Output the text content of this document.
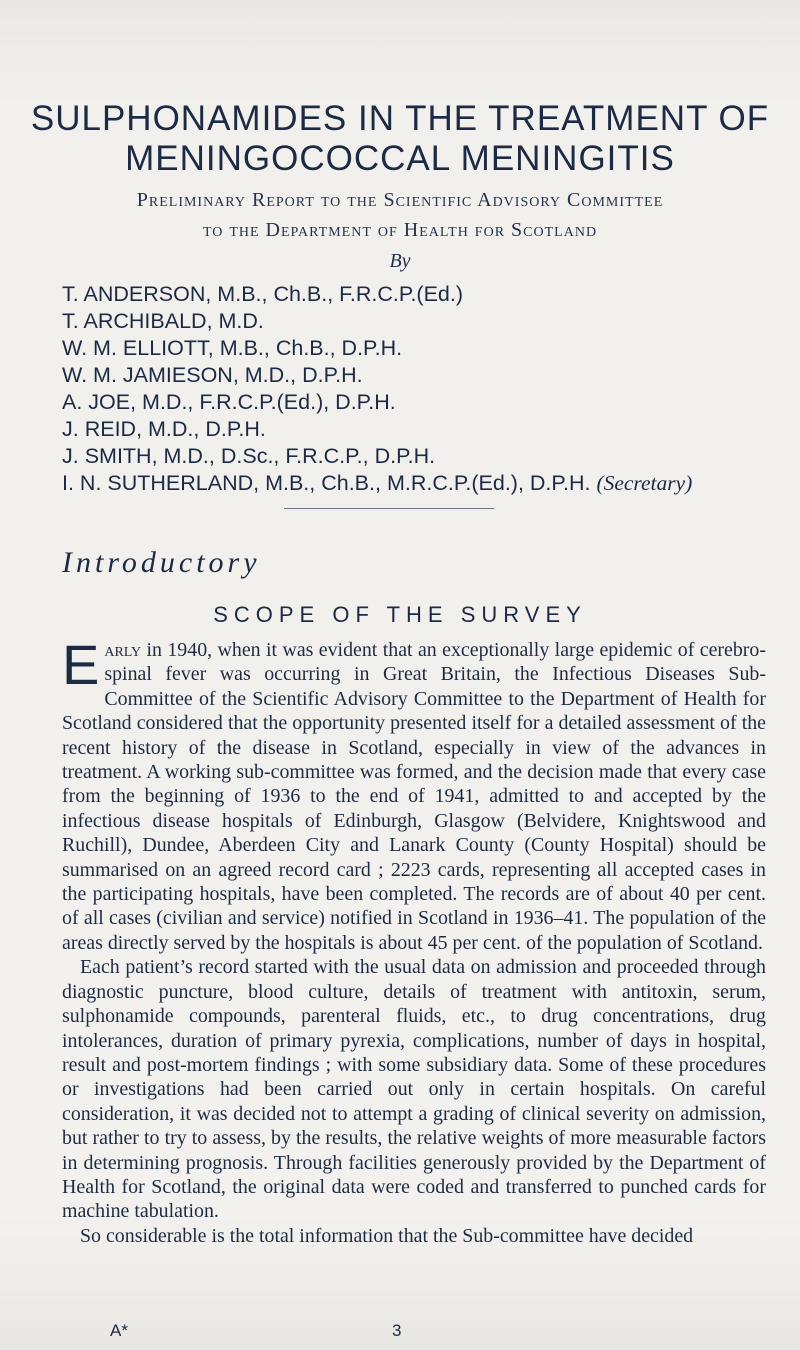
SULPHONAMIDES IN THE TREATMENT OF
MENINGOCOCCAL MENINGITIS
Preliminary Report to the Scientific Advisory Committee
to the Department of Health for Scotland
By
T. ANDERSON, M.B., Ch.B., F.R.C.P.(Ed.)
T. ARCHIBALD, M.D.
W. M. ELLIOTT, M.B., Ch.B., D.P.H.
W. M. JAMIESON, M.D., D.P.H.
A. JOE, M.D., F.R.C.P.(Ed.), D.P.H.
J. REID, M.D., D.P.H.
J. SMITH, M.D., D.Sc., F.R.C.P., D.P.H.
I. N. SUTHERLAND, M.B., Ch.B., M.R.C.P.(Ed.), D.P.H. (Secretary)
Introductory
SCOPE OF THE SURVEY

Early in 1940, when it was evident that an exceptionally large epidemic of cerebro-spinal fever was occurring in Great Britain, the Infectious Diseases Sub-Committee of the Scientific Advisory Committee to the Department of Health for Scotland considered that the opportunity presented itself for a detailed assessment of the recent history of the disease in Scotland, especially in view of the advances in treatment. A working sub-committee was formed, and the decision made that every case from the beginning of 1936 to the end of 1941, admitted to and accepted by the infectious disease hospitals of Edinburgh, Glasgow (Belvidere, Knightswood and Ruchill), Dundee, Aberdeen City and Lanark County (County Hospital) should be summarised on an agreed record card ; 2223 cards, representing all accepted cases in the participating hospitals, have been completed. The records are of about 40 per cent. of all cases (civilian and service) notified in Scotland in 1936–41. The population of the areas directly served by the hospitals is about 45 per cent. of the population of Scotland.

Each patient’s record started with the usual data on admission and proceeded through diagnostic puncture, blood culture, details of treatment with antitoxin, serum, sulphonamide compounds, parenteral fluids, etc., to drug concentrations, drug intolerances, duration of primary pyrexia, complications, number of days in hospital, result and post-mortem findings ; with some subsidiary data. Some of these procedures or investigations had been carried out only in certain hospitals. On careful consideration, it was decided not to attempt a grading of clinical severity on admission, but rather to try to assess, by the results, the relative weights of more measurable factors in determining prognosis. Through facilities generously provided by the Department of Health for Scotland, the original data were coded and transferred to punched cards for machine tabulation.

So considerable is the total information that the Sub-committee have decided

A*	3
